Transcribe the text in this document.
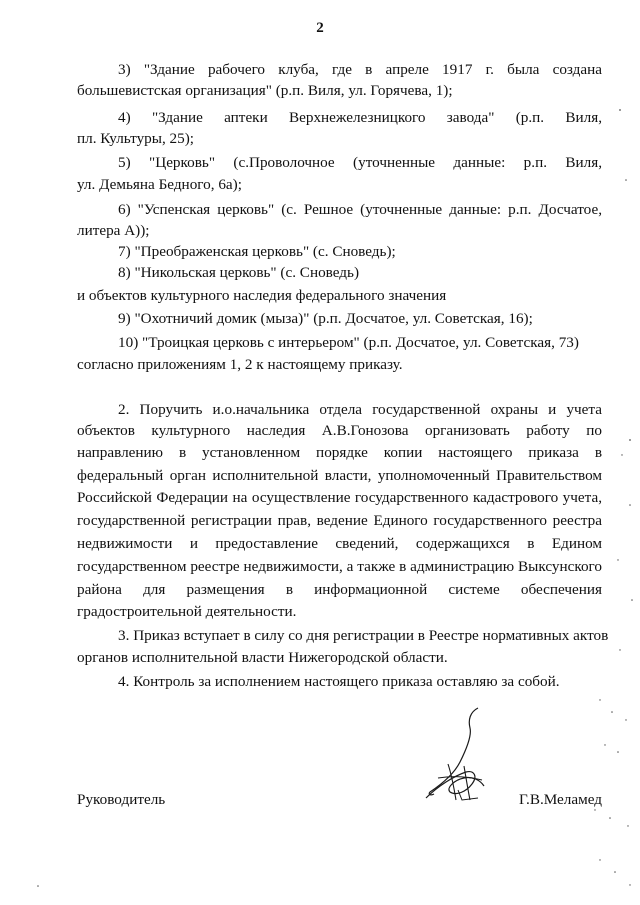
2
3) "Здание рабочего клуба, где в апреле 1917 г. была создана
большевистская организация" (р.п. Виля, ул. Горячева, 1);
4) "Здание аптеки Верхнежелезницкого завода" (р.п. Виля,
пл. Культуры, 25);
5) "Церковь" (с.Проволочное (уточненные данные: р.п. Виля,
ул. Демьяна Бедного, 6а);
6) "Успенская церковь" (с. Решное (уточненные данные: р.п. Досчатое,
литера А));
7) "Преображенская церковь" (с. Сноведь);
8) "Никольская церковь" (с. Сноведь)
и объектов культурного наследия федерального значения
9) "Охотничий домик (мыза)" (р.п. Досчатое, ул. Советская, 16);
10) "Троицкая церковь с интерьером" (р.п. Досчатое, ул. Советская, 73)
согласно приложениям 1, 2 к настоящему приказу.
2. Поручить и.о.начальника отдела государственной охраны и учета
объектов культурного наследия А.В.Гонозова организовать работу по
направлению в установленном порядке копии настоящего приказа в
федеральный орган исполнительной власти, уполномоченный Правительством
Российской Федерации на осуществление государственного кадастрового учета,
государственной регистрации прав, ведение Единого государственного реестра
недвижимости и предоставление сведений, содержащихся в Едином
государственном реестре недвижимости, а также в администрацию Выксунского
района для размещения в информационной системе обеспечения
градостроительной деятельности.
3. Приказ вступает в силу со дня регистрации в Реестре нормативных актов
органов исполнительной власти Нижегородской области.
4. Контроль за исполнением настоящего приказа оставляю за собой.
Руководитель	Г.В.Меламед
